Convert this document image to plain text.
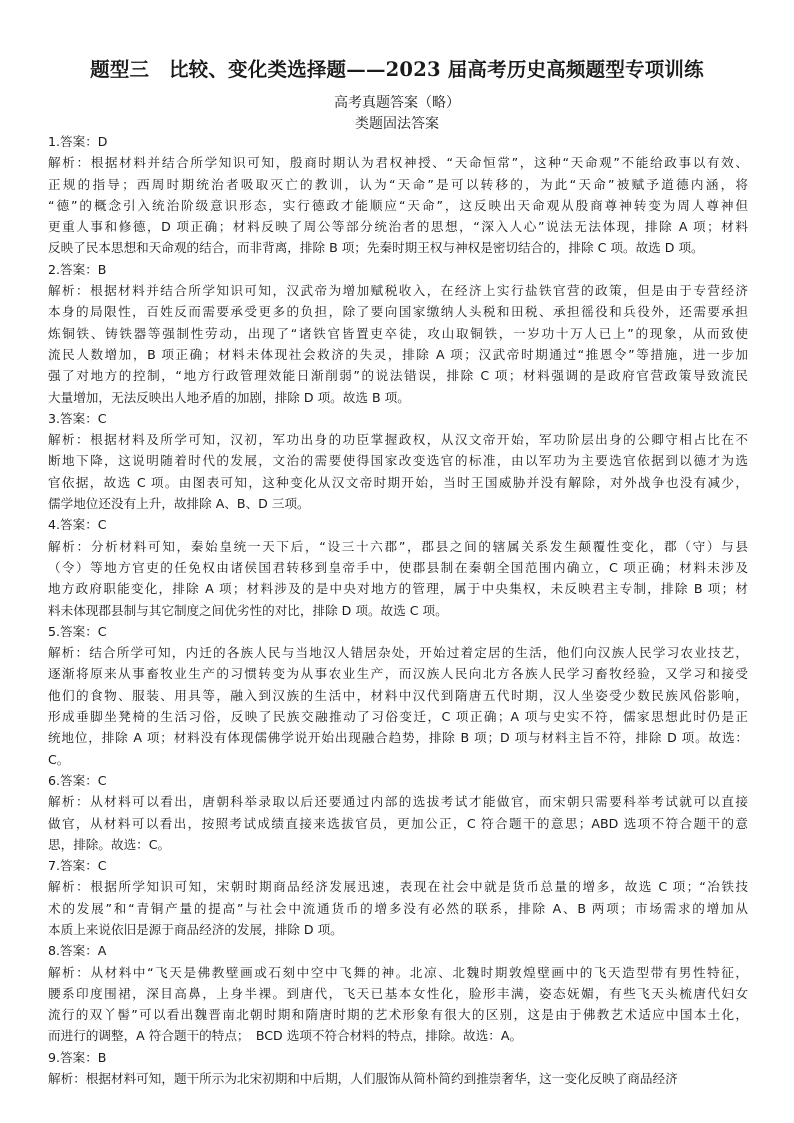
题型三　比较、变化类选择题——2023 届高考历史高频题型专项训练
高考真题答案（略）
类题固法答案
1.答案：D
解析：根据材料并结合所学知识可知，殷商时期认为君权神授、“天命恒常”，这种“天命观”不能给政事以有效、
正规的指导；西周时期统治者吸取灭亡的教训，认为“天命”是可以转移的，为此“天命”被赋予道德内涵，将
“德”的概念引入统治阶级意识形态，实行德政才能顺应“天命”，这反映出天命观从殷商尊神转变为周人尊神但
更重人事和修德，D 项正确；材料反映了周公等部分统治者的思想，“深入人心”说法无法体现，排除 A 项；材料
反映了民本思想和天命观的结合，而非背离，排除 B 项；先秦时期王权与神权是密切结合的，排除 C 项。故选 D 项。
2.答案：B
解析：根据材料并结合所学知识可知，汉武帝为增加赋税收入，在经济上实行盐铁官营的政策，但是由于专营经济
本身的局限性，百姓反而需要承受更多的负担，除了要向国家缴纳人头税和田税、承担徭役和兵役外，还需要承担
炼铜铁、铸铁器等强制性劳动，出现了“诸铁官皆置吏卒徒，攻山取铜铁，一岁功十万人已上”的现象，从而致使
流民人数增加，B 项正确；材料未体现社会救济的失灵，排除 A 项；汉武帝时期通过“推恩令”等措施，进一步加
强了对地方的控制，“地方行政管理效能日渐削弱”的说法错误，排除 C 项；材料强调的是政府官营政策导致流民
大量增加，无法反映出人地矛盾的加剧，排除 D 项。故选 B 项。
3.答案：C
解析：根据材料及所学可知，汉初，军功出身的功臣掌握政权，从汉文帝开始，军功阶层出身的公卿守相占比在不
断地下降，这说明随着时代的发展，文治的需要使得国家改变选官的标准，由以军功为主要选官依据到以德才为选
官依据，故选 C 项。由图表可知，这种变化从汉文帝时期开始，当时王国威胁并没有解除，对外战争也没有减少，
儒学地位还没有上升，故排除 A、B、D 三项。
4.答案：C
解析：分析材料可知，秦始皇统一天下后，“设三十六郡”，郡县之间的辖属关系发生颠覆性变化，郡（守）与县
（令）等地方官吏的任免权由诸侯国君转移到皇帝手中，使郡县制在秦朝全国范围内确立，C 项正确；材料未涉及
地方政府职能变化，排除 A 项；材料涉及的是中央对地方的管理，属于中央集权，未反映君主专制，排除 B 项；材
料未体现郡县制与其它制度之间优劣性的对比，排除 D 项。故选 C 项。
5.答案：C
解析：结合所学可知，内迁的各族人民与当地汉人错居杂处，开始过着定居的生活，他们向汉族人民学习农业技艺，
逐渐将原来从事畜牧业生产的习惯转变为从事农业生产，而汉族人民向北方各族人民学习畜牧经验，又学习和接受
他们的食物、服装、用具等，融入到汉族的生活中，材料中汉代到隋唐五代时期，汉人坐姿受少数民族风俗影响，
形成垂脚坐凳椅的生活习俗，反映了民族交融推动了习俗变迁，C 项正确；A 项与史实不符，儒家思想此时仍是正
统地位，排除 A 项；材料没有体现儒佛学说开始出现融合趋势，排除 B 项；D 项与材料主旨不符，排除 D 项。故选：
C。
6.答案：C
解析：从材料可以看出，唐朝科举录取以后还要通过内部的选拔考试才能做官，而宋朝只需要科举考试就可以直接
做官，从材料可以看出，按照考试成绩直接来选拔官员，更加公正，C 符合题干的意思；ABD 选项不符合题干的意
思，排除。故选：C。
7.答案：C
解析：根据所学知识可知，宋朝时期商品经济发展迅速，表现在社会中就是货币总量的增多，故选 C 项；“冶铁技
术的发展”和“青铜产量的提高”与社会中流通货币的增多没有必然的联系，排除 A、B 两项；市场需求的增加从
本质上来说依旧是源于商品经济的发展，排除 D 项。
8.答案：A
解析：从材料中“飞天是佛教壁画或石刻中空中飞舞的神。北凉、北魏时期敦煌壁画中的飞天造型带有男性特征，
腰系印度围裙，深目高鼻，上身半裸。到唐代，飞天已基本女性化，脸形丰满，姿态妩媚，有些飞天头梳唐代妇女
流行的双丫髻”可以看出魏晋南北朝时期和隋唐时期的艺术形象有很大的区别，这是由于佛教艺术适应中国本土化，
而进行的调整，A 符合题干的特点；　BCD 选项不符合材料的特点，排除。故选：A。
9.答案：B
解析：根据材料可知，题干所示为北宋初期和中后期，人们服饰从简朴简约到推崇奢华，这一变化反映了商品经济
